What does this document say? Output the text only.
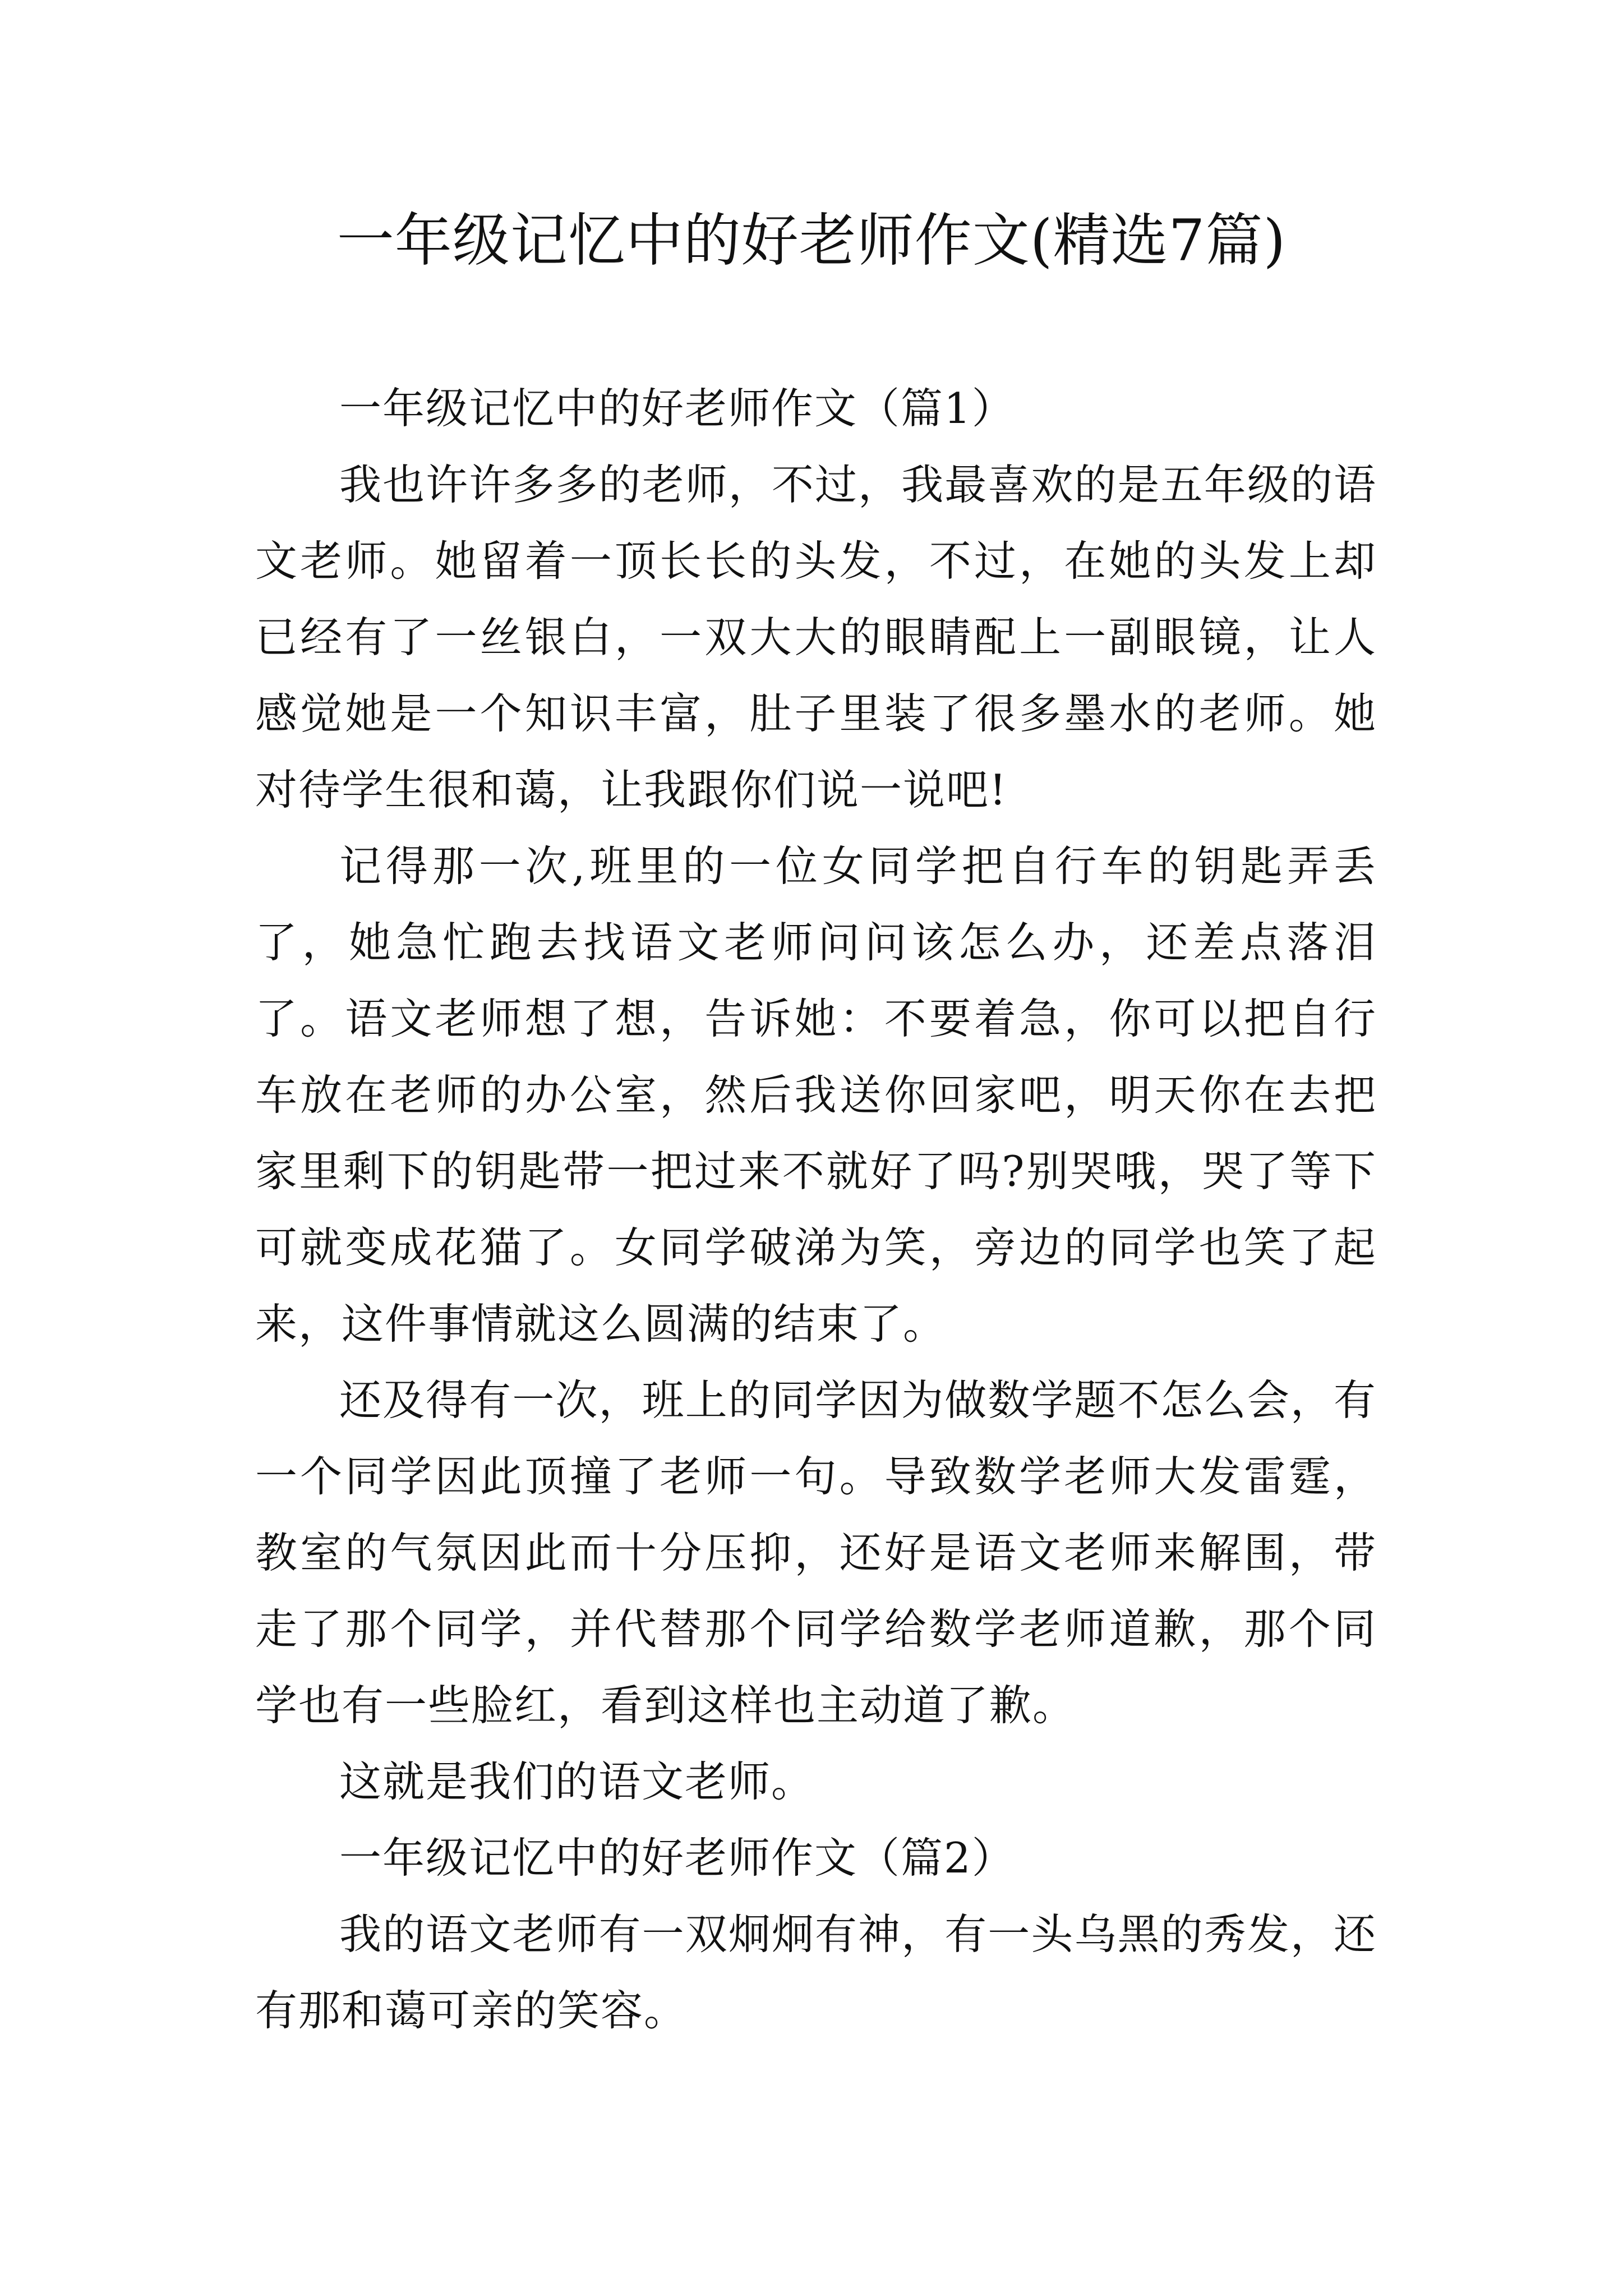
一年级记忆中的好老师作文(精选7篇)

一年级记忆中的好老师作文（篇1）

我也许许多多的老师，不过，我最喜欢的是五年级的语文老师。她留着一顶长长的头发，不过，在她的头发上却已经有了一丝银白，一双大大的眼睛配上一副眼镜，让人感觉她是一个知识丰富，肚子里装了很多墨水的老师。她对待学生很和蔼，让我跟你们说一说吧!

记得那一次,班里的一位女同学把自行车的钥匙弄丢了，她急忙跑去找语文老师问问该怎么办，还差点落泪了。语文老师想了想，告诉她：不要着急，你可以把自行车放在老师的办公室，然后我送你回家吧，明天你在去把家里剩下的钥匙带一把过来不就好了吗?别哭哦，哭了等下可就变成花猫了。女同学破涕为笑，旁边的同学也笑了起来，这件事情就这么圆满的结束了。

还及得有一次，班上的同学因为做数学题不怎么会，有一个同学因此顶撞了老师一句。导致数学老师大发雷霆，教室的气氛因此而十分压抑，还好是语文老师来解围，带走了那个同学，并代替那个同学给数学老师道歉，那个同学也有一些脸红，看到这样也主动道了歉。

这就是我们的语文老师。

一年级记忆中的好老师作文（篇2）

我的语文老师有一双炯炯有神，有一头乌黑的秀发，还有那和蔼可亲的笑容。
